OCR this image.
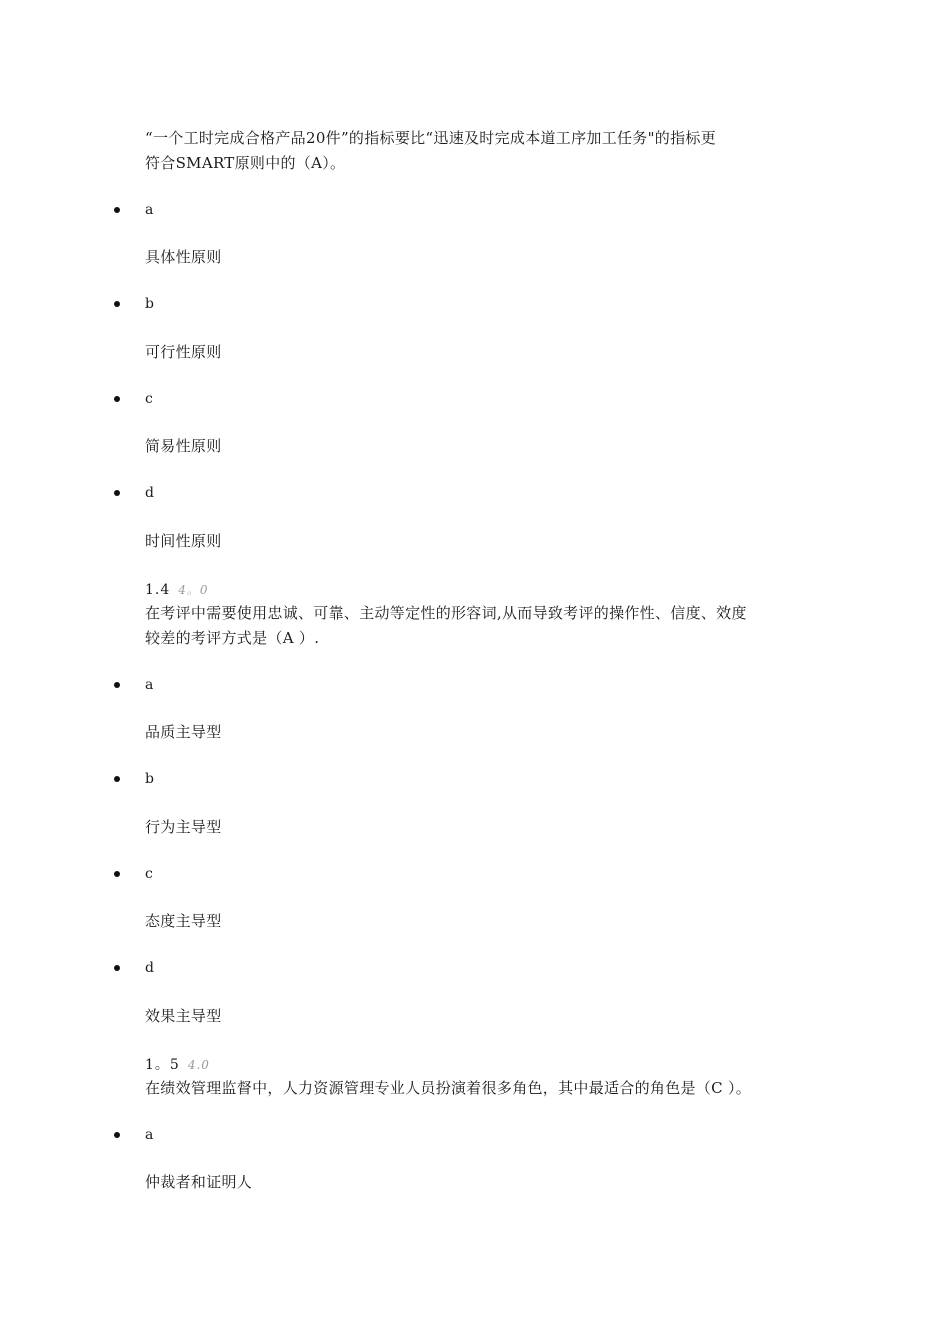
“一个工时完成合格产品20件”的指标要比“迅速及时完成本道工序加工任务"的指标更
符合SMART原则中的（A）。
a
具体性原则
b
可行性原则
c
简易性原则
d
时间性原则
1.4 4。0
在考评中需要使用忠诚、可靠、主动等定性的形容词,从而导致考评的操作性、信度、效度
较差的考评方式是（A ）.
a
品质主导型
b
行为主导型
c
态度主导型
d
效果主导型
1。5 4.0
在绩效管理监督中，人力资源管理专业人员扮演着很多角色，其中最适合的角色是（C ）。
a
仲裁者和证明人
